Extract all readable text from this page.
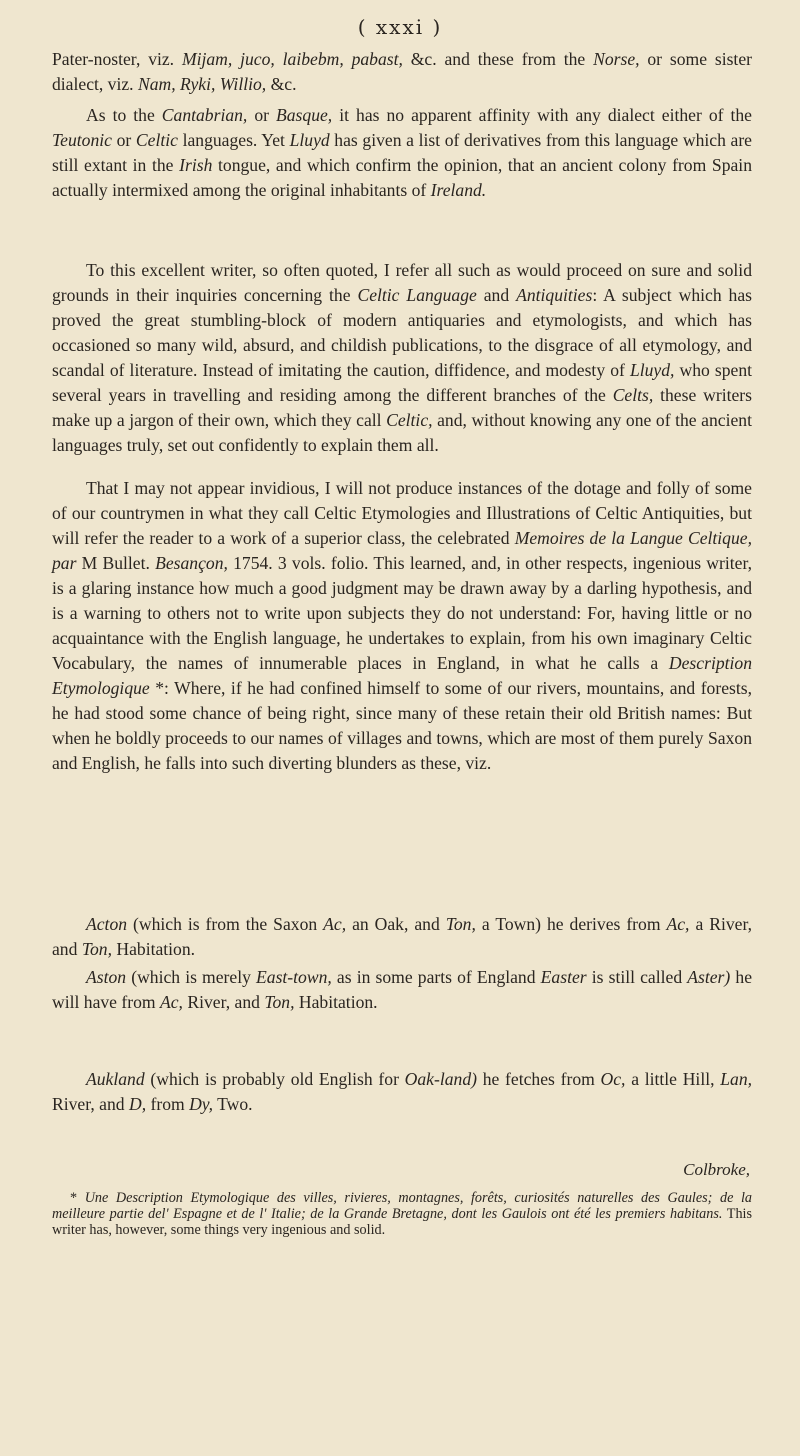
( xxxi )

Pater-noster, viz. Mijam, juco, laibebm, pabast, &c. and these from the Norse, or some sister dialect, viz. Nam, Ryki, Willio, &c.

As to the Cantabrian, or Basque, it has no apparent affinity with any dialect either of the Teutonic or Celtic languages. Yet Lluyd has given a list of derivatives from this language which are still extant in the Irish tongue, and which confirm the opinion, that an ancient colony from Spain actually intermixed among the original inhabitants of Ireland.

To this excellent writer, so often quoted, I refer all such as would proceed on sure and solid grounds in their inquiries concerning the Celtic Language and Antiquities: A subject which has proved the great stumbling-block of modern antiquaries and etymologists, and which has occasioned so many wild, absurd, and childish publications, to the disgrace of all etymology, and scandal of literature. Instead of imitating the caution, diffidence, and modesty of Lluyd, who spent several years in travelling and residing among the different branches of the Celts, these writers make up a jargon of their own, which they call Celtic, and, without knowing any one of the ancient languages truly, set out confidently to explain them all.

That I may not appear invidious, I will not produce instances of the dotage and folly of some of our countrymen in what they call Celtic Etymologies and Illustrations of Celtic Antiquities, but will refer the reader to a work of a superior class, the celebrated Memoires de la Langue Celtique, par M Bullet. Besançon, 1754. 3 vols. folio. This learned, and, in other respects, ingenious writer, is a glaring instance how much a good judgment may be drawn away by a darling hypothesis, and is a warning to others not to write upon subjects they do not understand: For, having little or no acquaintance with the English language, he undertakes to explain, from his own imaginary Celtic Vocabulary, the names of innumerable places in England, in what he calls a Description Etymologique *: Where, if he had confined himself to some of our rivers, mountains, and forests, he had stood some chance of being right, since many of these retain their old British names: But when he boldly proceeds to our names of villages and towns, which are most of them purely Saxon and English, he falls into such diverting blunders as these, viz.

Acton (which is from the Saxon Ac, an Oak, and Ton, a Town) he derives from Ac, a River, and Ton, Habitation.

Aston (which is merely East-town, as in some parts of England Easter is still called Aster) he will have from Ac, River, and Ton, Habitation.

Aukland (which is probably old English for Oak-land) he fetches from Oc, a little Hill, Lan, River, and D, from Dy, Two.

Colbroke,

* Une Description Etymologique des villes, rivieres, montagnes, forêts, curiosités naturelles des Gaules; de la meilleure partie del' Espagne et de l' Italie; de la Grande Bretagne, dont les Gaulois ont été les premiers habitans. This writer has, however, some things very ingenious and solid.
